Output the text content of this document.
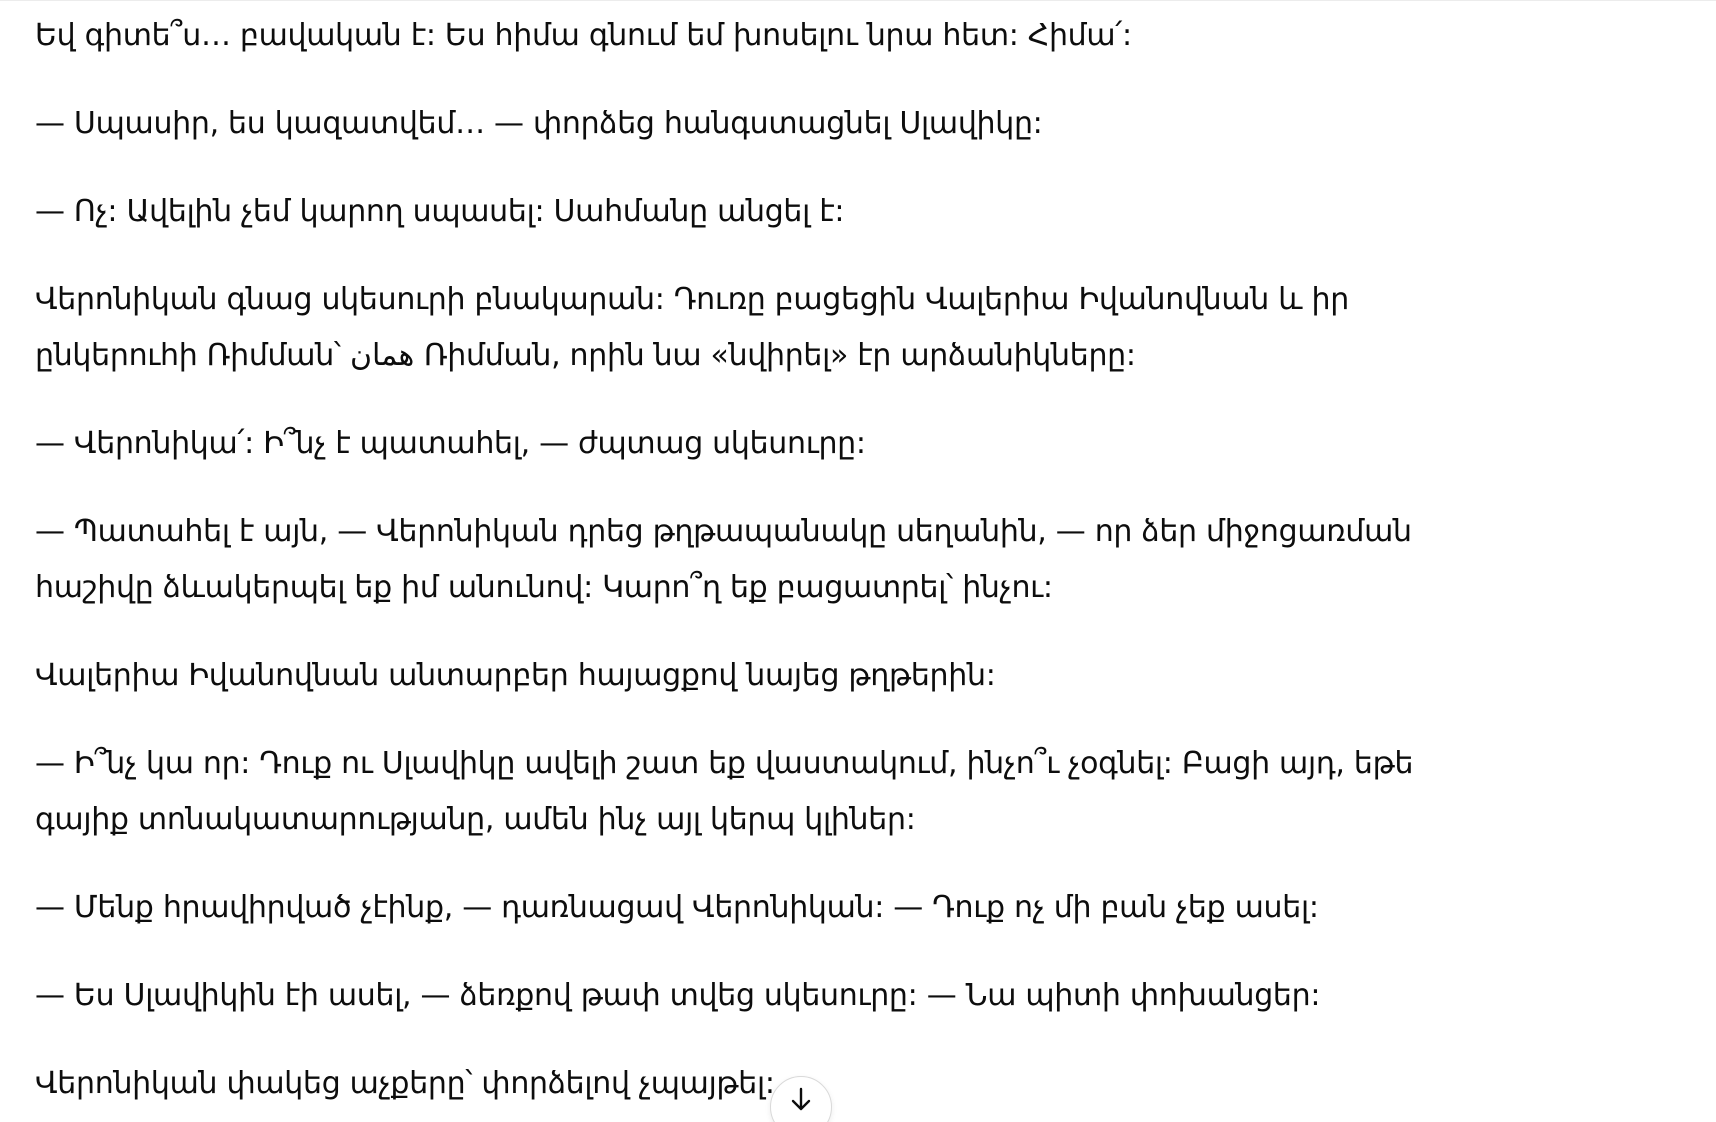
Եվ գիտե՞ս… բավական է: Ես հիմա գնում եմ խոսելու նրա հետ: Հիմա՛:

— Սպասիր, ես կազատվեմ… — փորձեց հանգստացնել Սլավիկը:

— Ոչ: Ավելին չեմ կարող սպասել: Սահմանը անցել է:

Վերոնիկան գնաց սկեսուրի բնակարան: Դուռը բացեցին Վալերիա Իվանովնան և իր ընկերուհի Ռիմման՝ همان Ռիմման, որին նա «նվիրել» էր արձանիկները:

— Վերոնիկա՛: Ի՞նչ է պատահել, — ժպտաց սկեսուրը:

— Պատահել է այն, — Վերոնիկան դրեց թղթապանակը սեղանին, — որ ձեր միջոցառման հաշիվը ձևակերպել եք իմ անունով: Կարո՞ղ եք բացատրել՝ ինչու:

Վալերիա Իվանովնան անտարբեր հայացքով նայեց թղթերին:

— Ի՞նչ կա որ: Դուք ու Սլավիկը ավելի շատ եք վաստակում, ինչո՞ւ չօգնել: Բացի այդ, եթե գայիք տոնակատարությանը, ամեն ինչ այլ կերպ կլիներ:

— Մենք հրավիրված չէինք, — դառնացավ Վերոնիկան: — Դուք ոչ մի բան չեք ասել:

— Ես Սլավիկին էի ասել, — ձեռքով թափ տվեց սկեսուրը: — Նա պիտի փոխանցեր:

Վերոնիկան փակեց աչքերը՝ փորձելով չպայթել:
